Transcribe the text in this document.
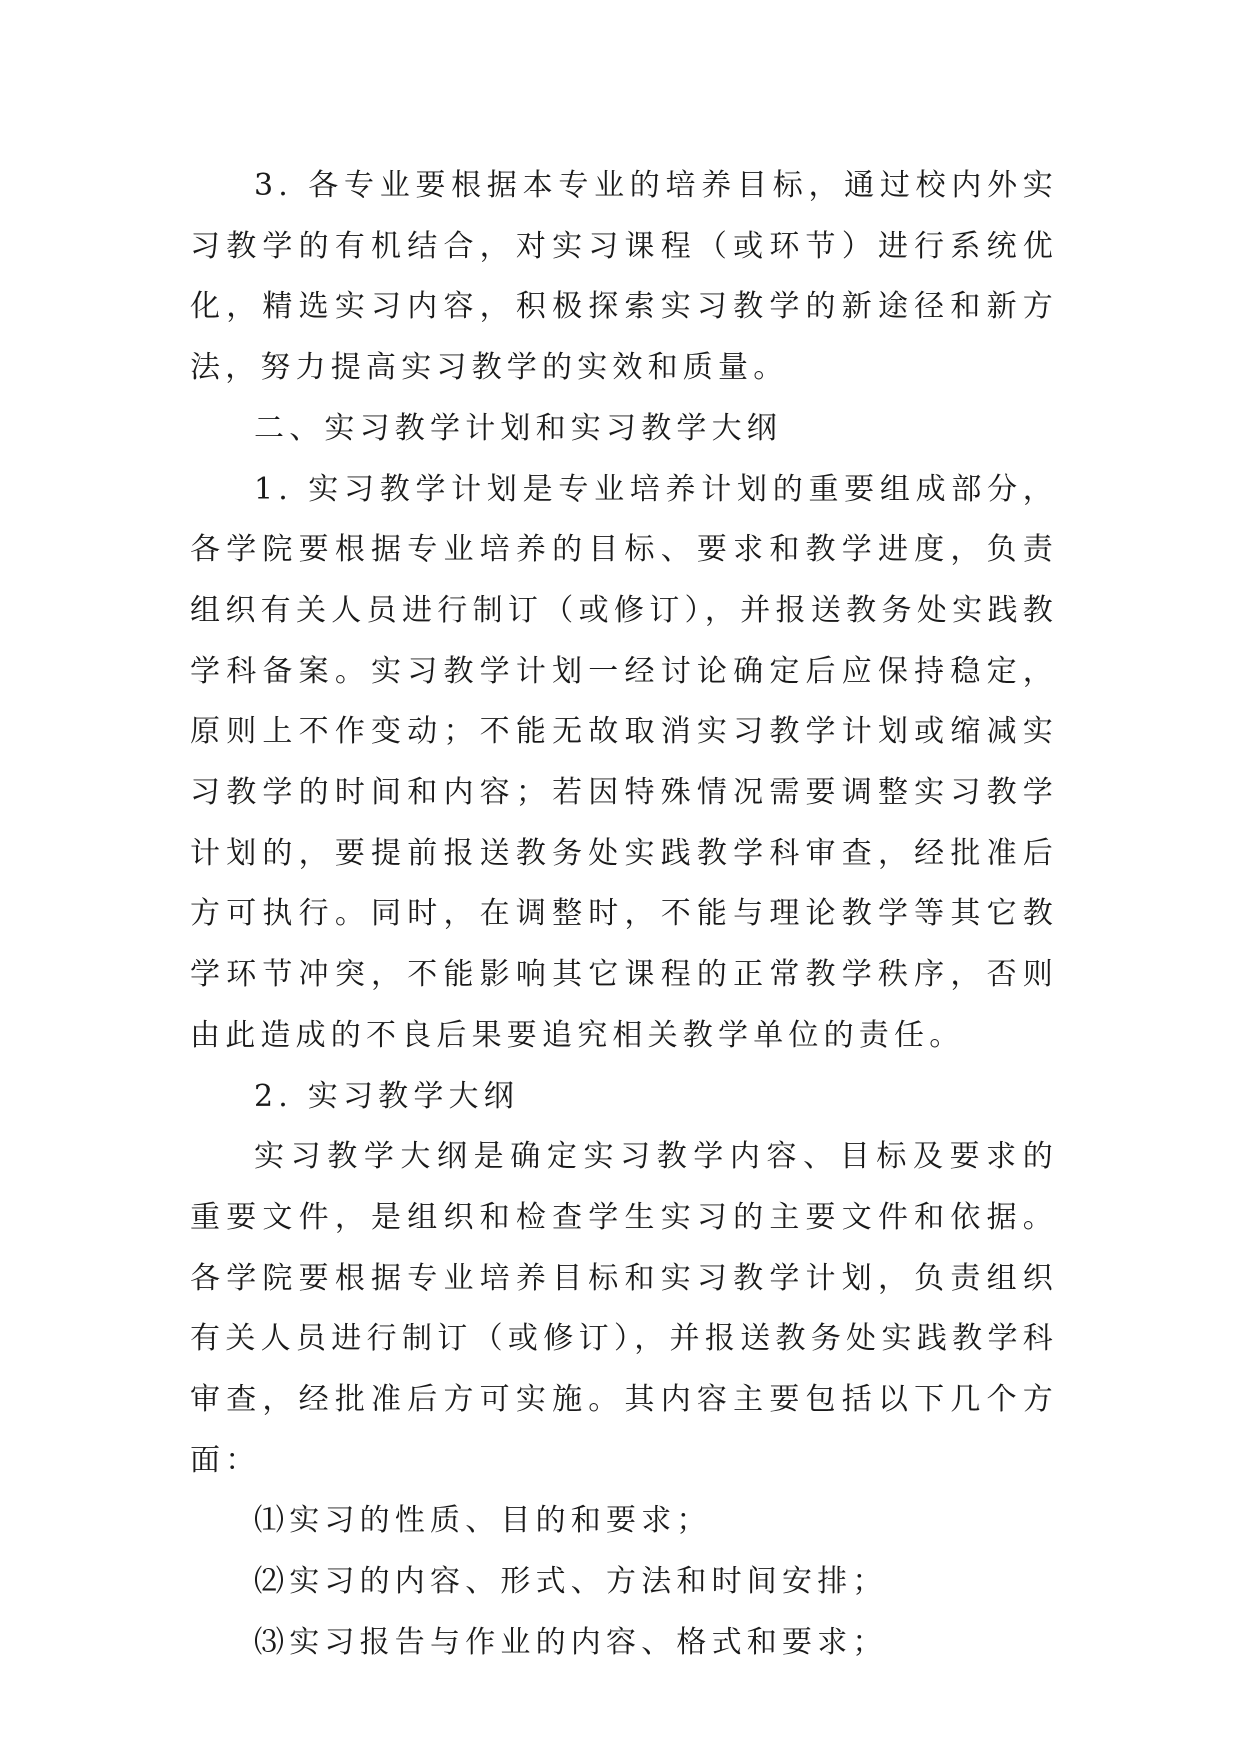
3. 各专业要根据本专业的培养目标，通过校内外实习教学的有机结合，对实习课程（或环节）进行系统优化，精选实习内容，积极探索实习教学的新途径和新方法，努力提高实习教学的实效和质量。

二、实习教学计划和实习教学大纲

1. 实习教学计划是专业培养计划的重要组成部分，各学院要根据专业培养的目标、要求和教学进度，负责组织有关人员进行制订（或修订），并报送教务处实践教学科备案。实习教学计划一经讨论确定后应保持稳定，原则上不作变动；不能无故取消实习教学计划或缩减实习教学的时间和内容；若因特殊情况需要调整实习教学计划的，要提前报送教务处实践教学科审查，经批准后方可执行。同时，在调整时，不能与理论教学等其它教学环节冲突，不能影响其它课程的正常教学秩序，否则由此造成的不良后果要追究相关教学单位的责任。

2. 实习教学大纲

实习教学大纲是确定实习教学内容、目标及要求的重要文件，是组织和检查学生实习的主要文件和依据。各学院要根据专业培养目标和实习教学计划，负责组织有关人员进行制订（或修订），并报送教务处实践教学科审查，经批准后方可实施。其内容主要包括以下几个方面：

⑴实习的性质、目的和要求；

⑵实习的内容、形式、方法和时间安排；

⑶实习报告与作业的内容、格式和要求；
